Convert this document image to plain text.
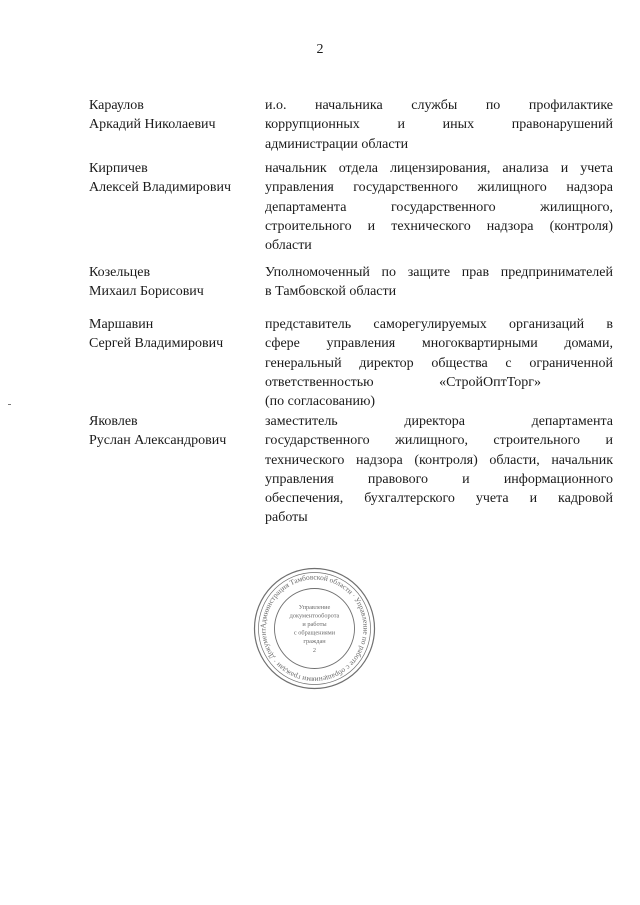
2
Караулов
Аркадий Николаевич
и.о. начальника службы по профилактике
коррупционных и иных правонарушений
администрации области
Кирпичев
Алексей Владимирович
начальник отдела лицензирования, анализа и учета
управления государственного жилищного надзора
департамента государственного жилищного,
строительного и технического надзора (контроля)
области
Козельцев
Михаил Борисович
Уполномоченный по защите прав предпринимателей
в Тамбовской области
Маршавин
Сергей Владимирович
представитель саморегулируемых организаций в
сфере управления многоквартирными домами,
генеральный директор общества с ограниченной
ответственностью «СтройОптТорг»
(по согласованию)
Яковлев
Руслан Александрович
заместитель директора департамента
государственного жилищного, строительного и
технического надзора (контроля) области, начальник
управления правового и информационного
обеспечения, бухгалтерского учета и кадровой
работы
Администрация Тамбовской области · Управление по работе с обращениями граждан · Документ
Управление
документооборота
и работы
с обращениями
граждан
2
